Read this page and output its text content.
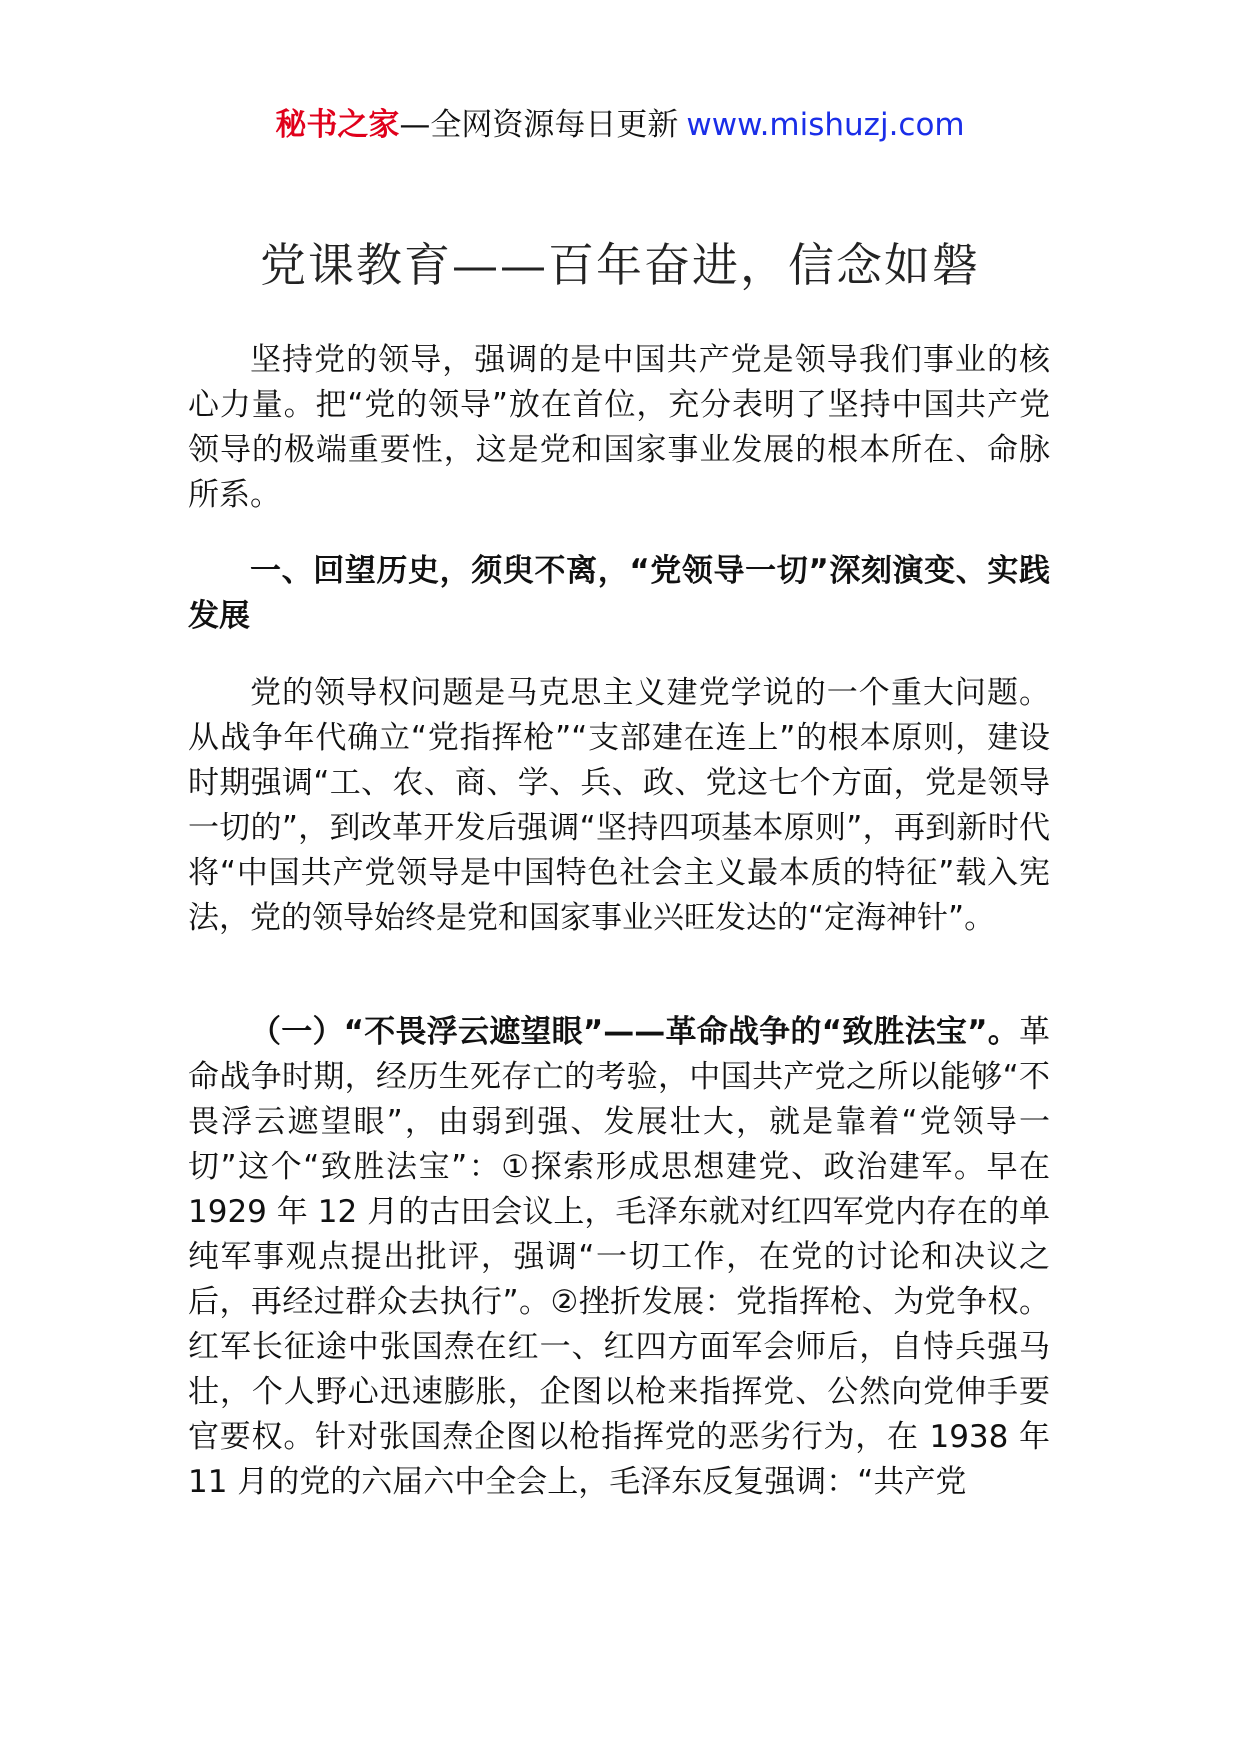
秘书之家—全网资源每日更新 www.mishuzj.com
党课教育——百年奋进，信念如磐

坚持党的领导，强调的是中国共产党是领导我们事业的核心力量。把“党的领导”放在首位，充分表明了坚持中国共产党领导的极端重要性，这是党和国家事业发展的根本所在、命脉所系。

一、回望历史，须臾不离，“党领导一切”深刻演变、实践发展

党的领导权问题是马克思主义建党学说的一个重大问题。从战争年代确立“党指挥枪”“支部建在连上”的根本原则，建设时期强调“工、农、商、学、兵、政、党这七个方面，党是领导一切的”，到改革开发后强调“坚持四项基本原则”，再到新时代将“中国共产党领导是中国特色社会主义最本质的特征”载入宪法，党的领导始终是党和国家事业兴旺发达的“定海神针”。

（一）“不畏浮云遮望眼”——革命战争的“致胜法宝”。革命战争时期，经历生死存亡的考验，中国共产党之所以能够“不畏浮云遮望眼”，由弱到强、发展壮大，就是靠着“党领导一切”这个“致胜法宝”：①探索形成思想建党、政治建军。早在 1929 年 12 月的古田会议上，毛泽东就对红四军党内存在的单纯军事观点提出批评，强调“一切工作，在党的讨论和决议之后，再经过群众去执行”。②挫折发展：党指挥枪、为党争权。红军长征途中张国焘在红一、红四方面军会师后，自恃兵强马壮，个人野心迅速膨胀，企图以枪来指挥党、公然向党伸手要官要权。针对张国焘企图以枪指挥党的恶劣行为，在 1938 年 11 月的党的六届六中全会上，毛泽东反复强调：“共产党
